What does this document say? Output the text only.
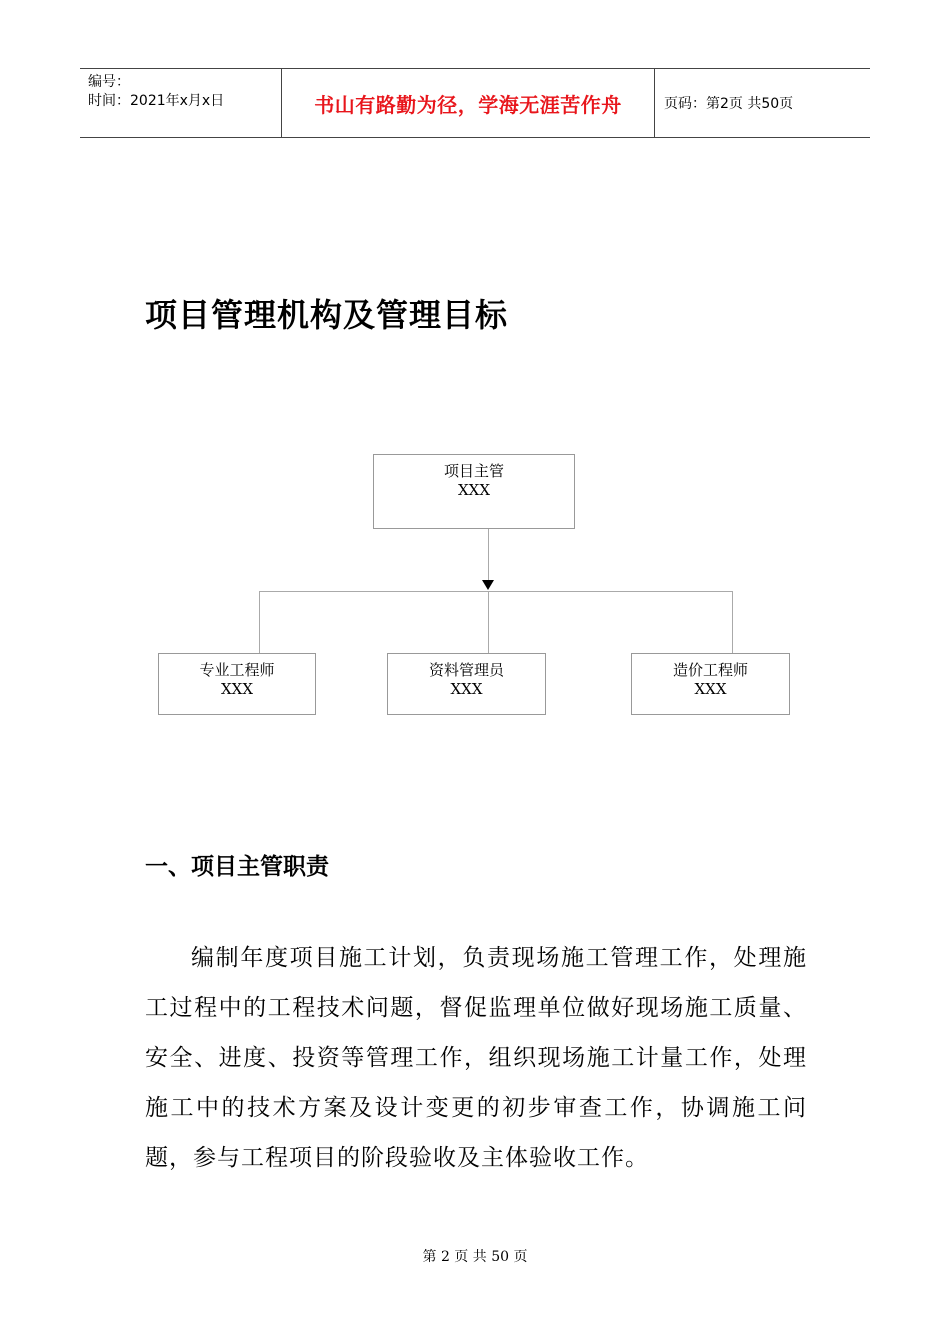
编号：
时间：2021年x月x日	书山有路勤为径，学海无涯苦作舟	页码：第2页 共50页
项目管理机构及管理目标
项目主管
XXX
专业工程师
XXX
资料管理员
XXX
造价工程师
XXX
一、项目主管职责

编制年度项目施工计划，负责现场施工管理工作，处理施工过程中的工程技术问题，督促监理单位做好现场施工质量、安全、进度、投资等管理工作，组织现场施工计量工作，处理施工中的技术方案及设计变更的初步审查工作，协调施工问题，参与工程项目的阶段验收及主体验收工作。

第 2 页 共 50 页
